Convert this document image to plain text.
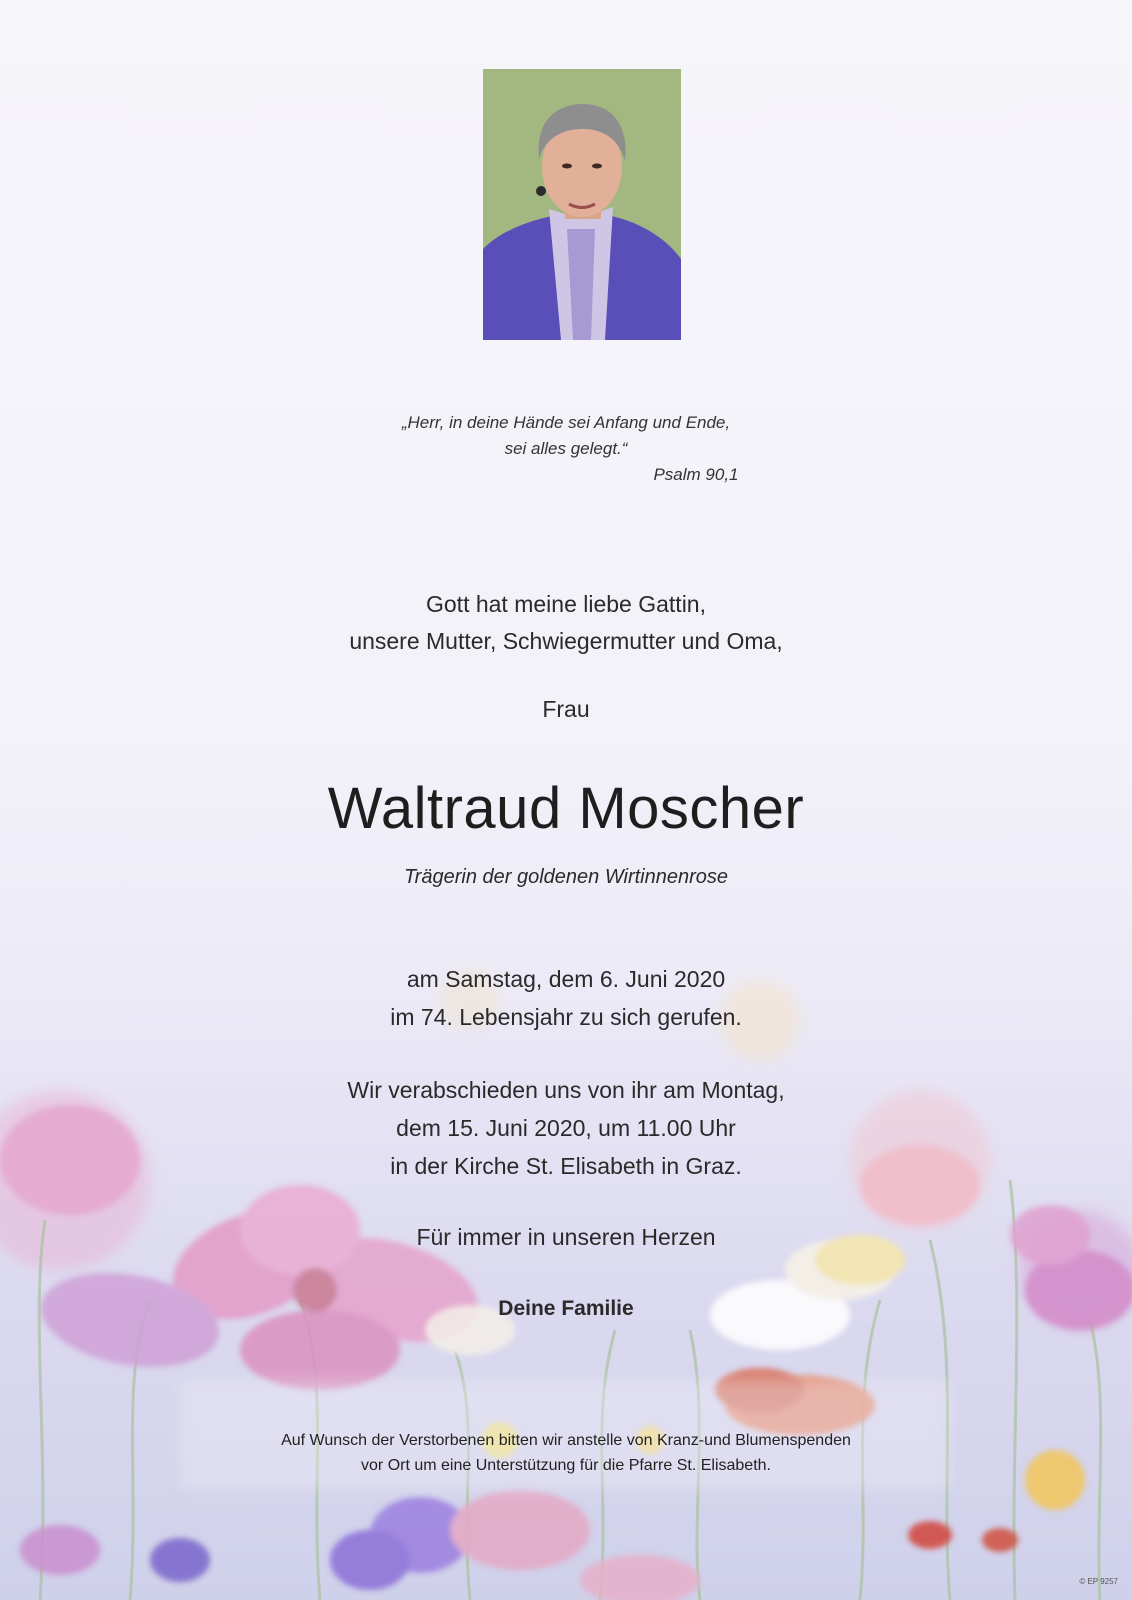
„Herr, in deine Hände sei Anfang und Ende,
sei alles gelegt.“
Psalm 90,1
Gott hat meine liebe Gattin,
unsere Mutter, Schwiegermutter und Oma,
Frau
Waltraud Moscher
Trägerin der goldenen Wirtinnenrose
am Samstag, dem 6. Juni 2020
im 74. Lebensjahr zu sich gerufen.
Wir verabschieden uns von ihr am Montag,
dem 15. Juni 2020, um 11.00 Uhr
in der Kirche St. Elisabeth in Graz.
Für immer in unseren Herzen
Deine Familie
Auf Wunsch der Verstorbenen bitten wir anstelle von Kranz-und Blumenspenden
vor Ort um eine Unterstützung für die Pfarre St. Elisabeth.
© EP 9257
